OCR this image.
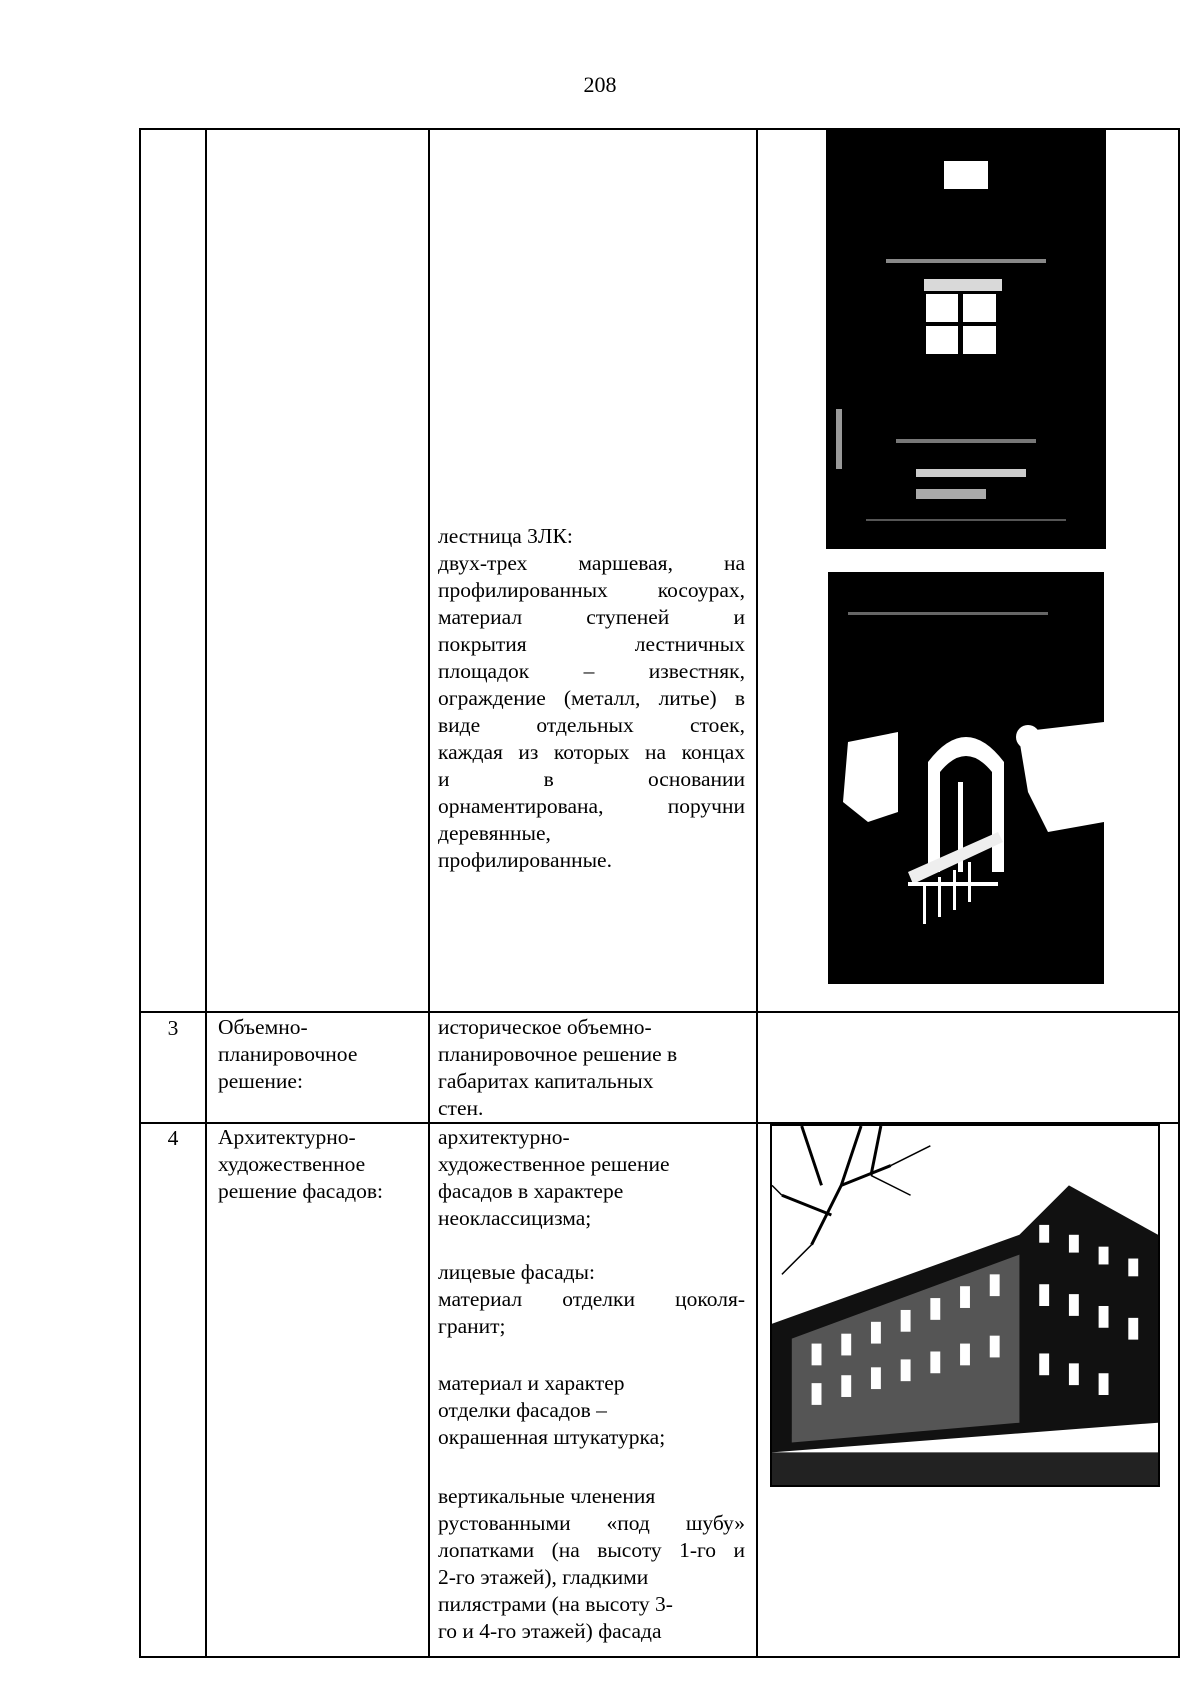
208
лестница 3ЛК:
двух-трех маршевая, на
профилированных косоурах,
материал ступеней и
покрытия лестничных
площадок – известняк,
ограждение (металл, литье) в
виде отдельных стоек,
каждая из которых на концах
и в основании
орнаментирована, поручни
деревянные,
профилированные.
3	Объемно-
планировочное
решение:
историческое объемно-
планировочное решение в
габаритах капитальных
стен.
4	Архитектурно-
художественное
решение фасадов:
архитектурно-
художественное решение
фасадов в характере
неоклассицизма;
лицевые фасады:
материал отделки цоколя-
гранит;
материал и характер
отделки фасадов –
окрашенная штукатурка;
вертикальные членения
рустованными «под шубу»
лопатками (на высоту 1-го и
2-го этажей), гладкими
пилястрами (на высоту 3-
го и 4-го этажей) фасада
